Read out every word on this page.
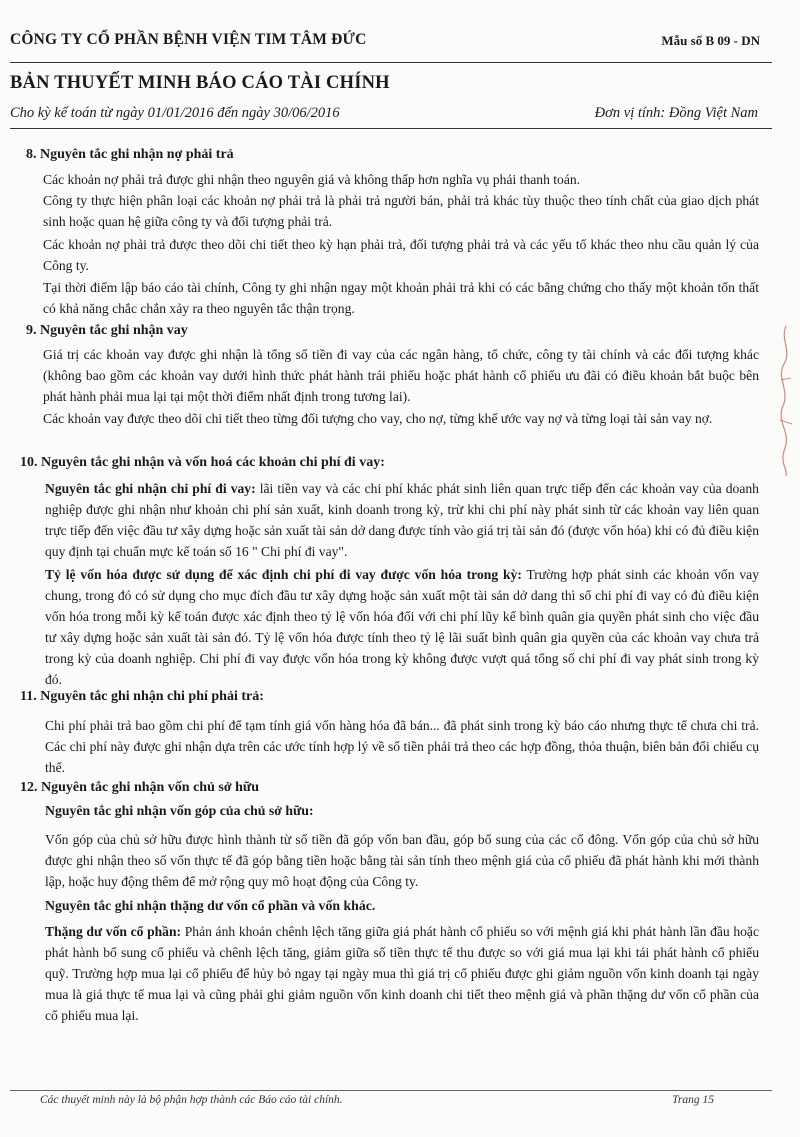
CÔNG TY CỔ PHẦN BỆNH VIỆN TIM TÂM ĐỨC	Mẫu số B 09 - DN
BẢN THUYẾT MINH BÁO CÁO TÀI CHÍNH
Cho kỳ kế toán từ ngày 01/01/2016 đến ngày 30/06/2016	Đơn vị tính: Đồng Việt Nam
8. Nguyên tắc ghi nhận nợ phải trả
Các khoản nợ phải trả được ghi nhận theo nguyên giá và không thấp hơn nghĩa vụ phải thanh toán.
Công ty thực hiện phân loại các khoản nợ phải trả là phải trả người bán, phải trả khác tùy thuộc theo tính chất của giao dịch phát sinh hoặc quan hệ giữa công ty và đối tượng phải trả.
Các khoản nợ phải trả được theo dõi chi tiết theo kỳ hạn phải trả, đối tượng phải trả và các yếu tố khác theo nhu cầu quản lý của Công ty.
Tại thời điểm lập báo cáo tài chính, Công ty ghi nhận ngay một khoản phải trả khi có các bằng chứng cho thấy một khoản tổn thất có khả năng chắc chắn xảy ra theo nguyên tắc thận trọng.
9. Nguyên tắc ghi nhận vay
Giá trị các khoản vay được ghi nhận là tổng số tiền đi vay của các ngân hàng, tổ chức, công ty tài chính và các đối tượng khác (không bao gồm các khoản vay dưới hình thức phát hành trái phiếu hoặc phát hành cổ phiếu ưu đãi có điều khoản bắt buộc bên phát hành phải mua lại tại một thời điểm nhất định trong tương lai).
Các khoản vay được theo dõi chi tiết theo từng đối tượng cho vay, cho nợ, từng khế ước vay nợ và từng loại tài sản vay nợ.
10. Nguyên tắc ghi nhận và vốn hoá các khoản chi phí đi vay:
Nguyên tắc ghi nhận chi phí đi vay: lãi tiền vay và các chi phí khác phát sinh liên quan trực tiếp đến các khoản vay của doanh nghiệp được ghi nhận như khoản chi phí sản xuất, kinh doanh trong kỳ, trừ khi chi phí này phát sinh từ các khoản vay liên quan trực tiếp đến việc đầu tư xây dựng hoặc sản xuất tài sản dở dang được tính vào giá trị tài sản đó (được vốn hóa) khi có đủ điều kiện quy định tại chuẩn mực kế toán số 16 " Chi phí đi vay".
Tỷ lệ vốn hóa được sử dụng để xác định chi phí đi vay được vốn hóa trong kỳ: Trường hợp phát sinh các khoản vốn vay chung, trong đó có sử dụng cho mục đích đầu tư xây dựng hoặc sản xuất một tài sản dở dang thì số chi phí đi vay có đủ điều kiện vốn hóa trong mỗi kỳ kế toán được xác định theo tỷ lệ vốn hóa đối với chi phí lũy kế bình quân gia quyền phát sinh cho việc đầu tư xây dựng hoặc sản xuất tài sản đó. Tỷ lệ vốn hóa được tính theo tỷ lệ lãi suất bình quân gia quyền của các khoản vay chưa trả trong kỳ của doanh nghiệp. Chi phí đi vay được vốn hóa trong kỳ không được vượt quá tổng số chi phí đi vay phát sinh trong kỳ đó.
11. Nguyên tắc ghi nhận chi phí phải trả:
Chi phí phải trả bao gồm chi phí để tạm tính giá vốn hàng hóa đã bán... đã phát sinh trong kỳ báo cáo nhưng thực tế chưa chi trả. Các chi phí này được ghi nhận dựa trên các ước tính hợp lý về số tiền phải trả theo các hợp đồng, thỏa thuận, biên bản đối chiếu cụ thể.
12. Nguyên tắc ghi nhận vốn chủ sở hữu
Nguyên tắc ghi nhận vốn góp của chủ sở hữu:
Vốn góp của chủ sở hữu được hình thành từ số tiền đã góp vốn ban đầu, góp bổ sung của các cổ đông. Vốn góp của chủ sở hữu được ghi nhận theo số vốn thực tế đã góp bằng tiền hoặc bằng tài sản tính theo mệnh giá của cổ phiếu đã phát hành khi mới thành lập, hoặc huy động thêm để mở rộng quy mô hoạt động của Công ty.
Nguyên tắc ghi nhận thặng dư vốn cổ phần và vốn khác.
Thặng dư vốn cổ phần: Phản ánh khoản chênh lệch tăng giữa giá phát hành cổ phiếu so với mệnh giá khi phát hành lần đầu hoặc phát hành bổ sung cổ phiếu và chênh lệch tăng, giảm giữa số tiền thực tế thu được so với giá mua lại khi tái phát hành cổ phiếu quỹ. Trường hợp mua lại cổ phiếu để hủy bỏ ngay tại ngày mua thì giá trị cổ phiếu được ghi giảm nguồn vốn kinh doanh tại ngày mua là giá thực tế mua lại và cũng phải ghi giảm nguồn vốn kinh doanh chi tiết theo mệnh giá và phần thặng dư vốn cổ phần của cổ phiếu mua lại.
Các thuyết minh này là bộ phận hợp thành các Báo cáo tài chính.	Trang 15
